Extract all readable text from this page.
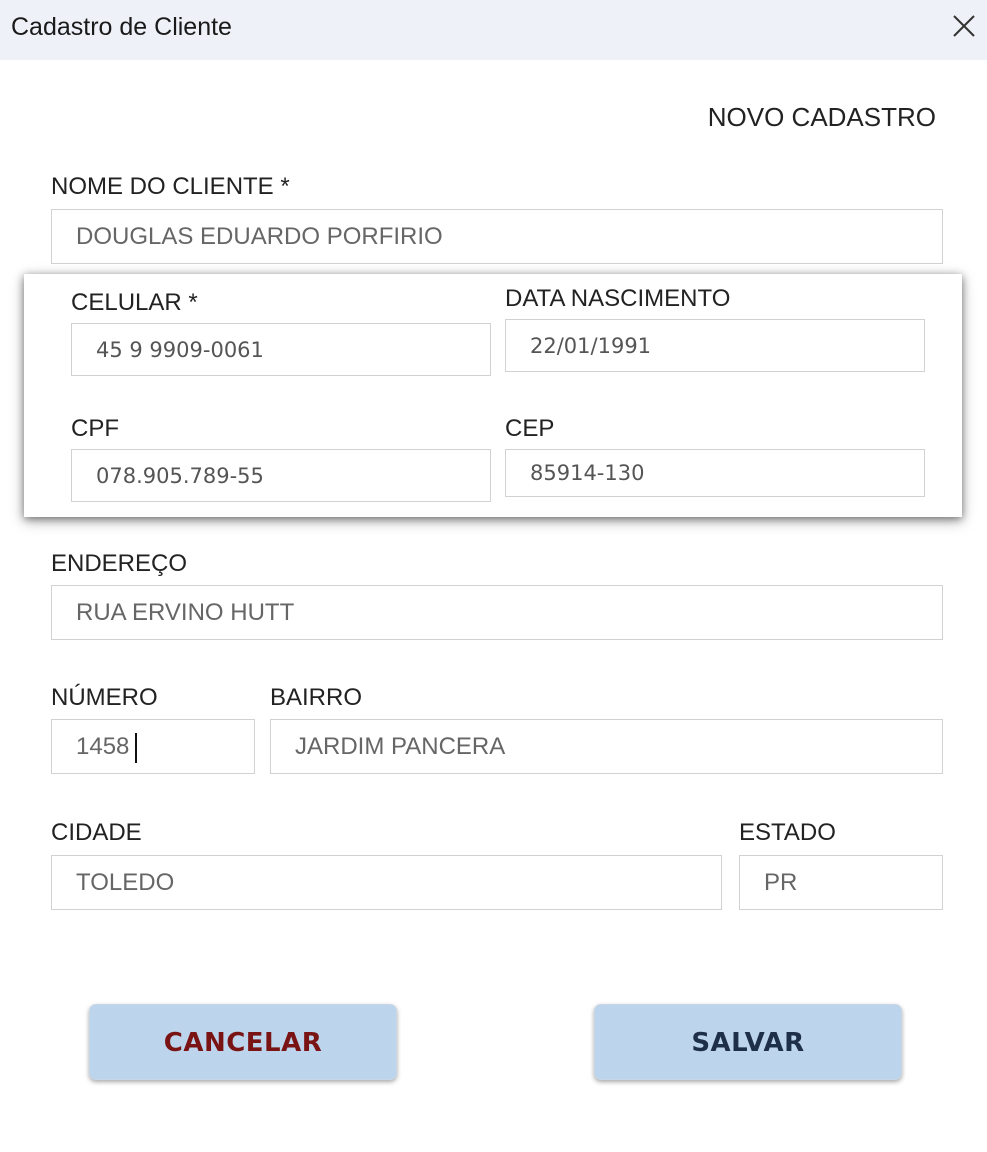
Cadastro de Cliente
NOVO CADASTRO
NOME DO CLIENTE *
DOUGLAS EDUARDO PORFIRIO
CELULAR *
45 9 9909-0061	DATA NASCIMENTO
22/01/1991
CPF
078.905.789-55	CEP
85914-130
ENDEREÇO
RUA ERVINO HUTT
NÚMERO
1458	BAIRRO
JARDIM PANCERA
CIDADE
TOLEDO	ESTADO
PR
CANCELAR	SALVAR
